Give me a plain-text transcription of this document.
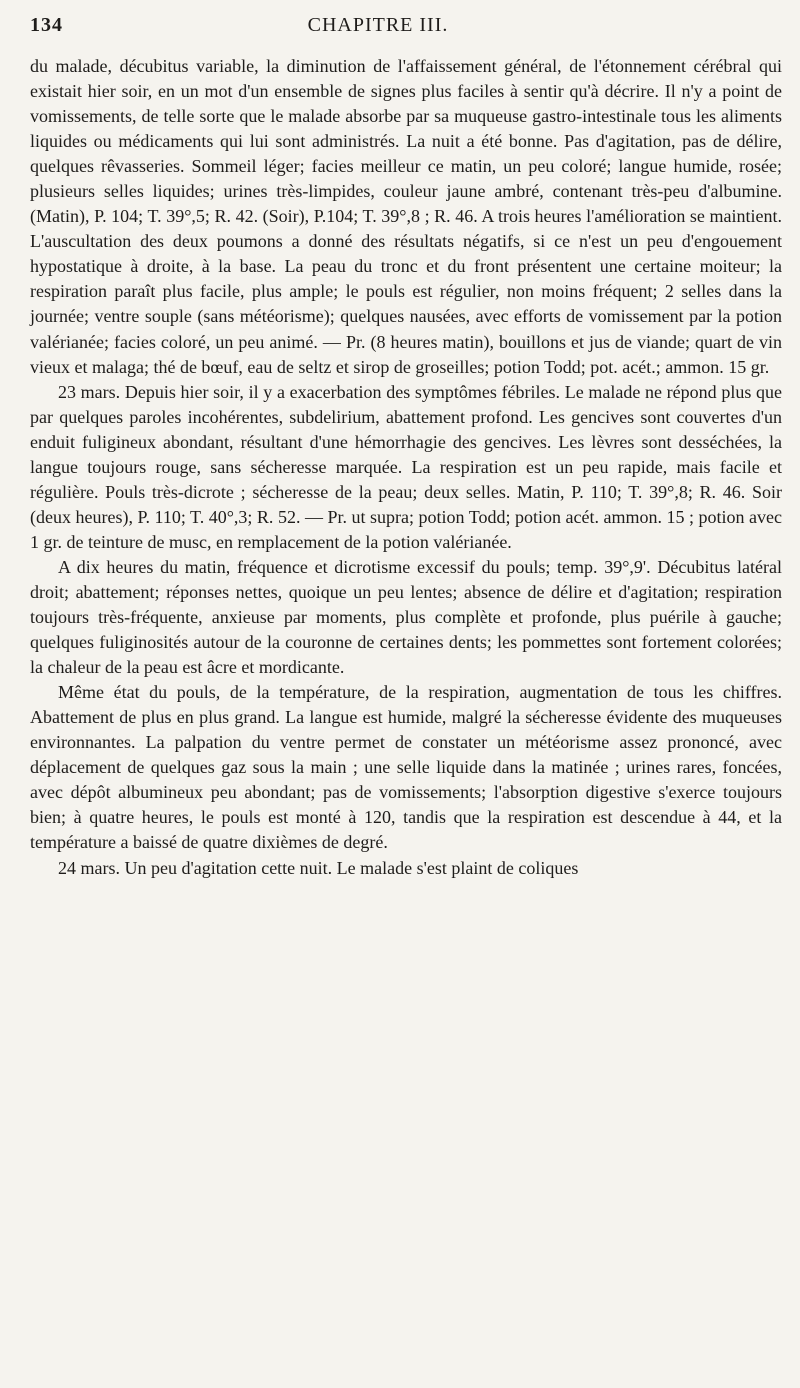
134	CHAPITRE III.

du malade, décubitus variable, la diminution de l'affaissement général, de l'étonnement cérébral qui existait hier soir, en un mot d'un ensemble de signes plus faciles à sentir qu'à décrire. Il n'y a point de vomissements, de telle sorte que le malade absorbe par sa muqueuse gastro-intestinale tous les aliments liquides ou médicaments qui lui sont administrés. La nuit a été bonne. Pas d'agitation, pas de délire, quelques rêvasseries. Sommeil léger; facies meilleur ce matin, un peu coloré; langue humide, rosée; plusieurs selles liquides; urines très-limpides, couleur jaune ambré, contenant très-peu d'albumine. (Matin), P. 104; T. 39°,5; R. 42. (Soir), P.104; T. 39°,8 ; R. 46. A trois heures l'amélioration se maintient. L'auscultation des deux poumons a donné des résultats négatifs, si ce n'est un peu d'engouement hypostatique à droite, à la base. La peau du tronc et du front présentent une certaine moiteur; la respiration paraît plus facile, plus ample; le pouls est régulier, non moins fréquent; 2 selles dans la journée; ventre souple (sans météorisme); quelques nausées, avec efforts de vomissement par la potion valérianée; facies coloré, un peu animé. — Pr. (8 heures matin), bouillons et jus de viande; quart de vin vieux et malaga; thé de bœuf, eau de seltz et sirop de groseilles; potion Todd; pot. acét.; ammon. 15 gr.

23 mars. Depuis hier soir, il y a exacerbation des symptômes fébriles. Le malade ne répond plus que par quelques paroles incohérentes, subdelirium, abattement profond. Les gencives sont couvertes d'un enduit fuligineux abondant, résultant d'une hémorrhagie des gencives. Les lèvres sont desséchées, la langue toujours rouge, sans sécheresse marquée. La respiration est un peu rapide, mais facile et régulière. Pouls très-dicrote ; sécheresse de la peau; deux selles. Matin, P. 110; T. 39°,8; R. 46. Soir (deux heures), P. 110; T. 40°,3; R. 52. — Pr. ut supra; potion Todd; potion acét. ammon. 15 ; potion avec 1 gr. de teinture de musc, en remplacement de la potion valérianée.

A dix heures du matin, fréquence et dicrotisme excessif du pouls; temp. 39°,9'. Décubitus latéral droit; abattement; réponses nettes, quoique un peu lentes; absence de délire et d'agitation; respiration toujours très-fréquente, anxieuse par moments, plus complète et profonde, plus puérile à gauche; quelques fuliginosités autour de la couronne de certaines dents; les pommettes sont fortement colorées; la chaleur de la peau est âcre et mordicante.

Même état du pouls, de la température, de la respiration, augmentation de tous les chiffres. Abattement de plus en plus grand. La langue est humide, malgré la sécheresse évidente des muqueuses environnantes. La palpation du ventre permet de constater un météorisme assez prononcé, avec déplacement de quelques gaz sous la main ; une selle liquide dans la matinée ; urines rares, foncées, avec dépôt albumineux peu abondant; pas de vomissements; l'absorption digestive s'exerce toujours bien; à quatre heures, le pouls est monté à 120, tandis que la respiration est descendue à 44, et la température a baissé de quatre dixièmes de degré.

24 mars. Un peu d'agitation cette nuit. Le malade s'est plaint de coliques
